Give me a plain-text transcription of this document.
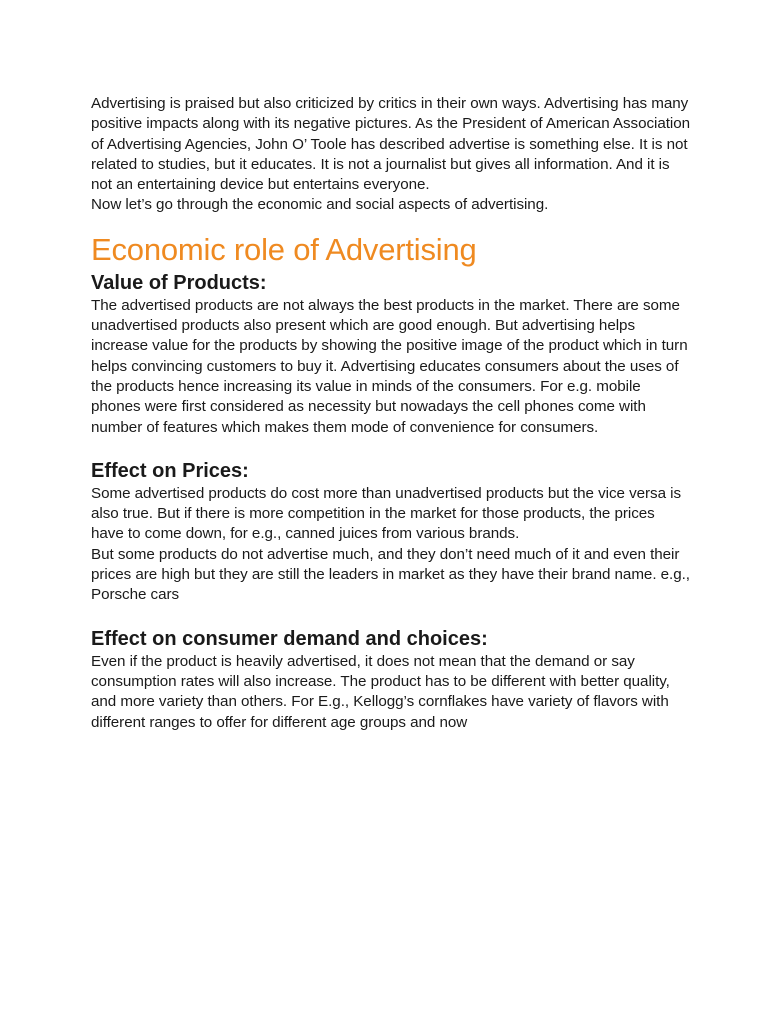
Advertising is praised but also criticized by critics in their own ways. Advertising has many positive impacts along with its negative pictures. As the President of American Association of Advertising Agencies, John O’ Toole has described advertise is something else. It is not related to studies, but it educates. It is not a journalist but gives all information. And it is not an entertaining device but entertains everyone.

Now let’s go through the economic and social aspects of advertising.

Economic role of Advertising
Value of Products:

The advertised products are not always the best products in the market. There are some unadvertised products also present which are good enough. But advertising helps increase value for the products by showing the positive image of the product which in turn helps convincing customers to buy it. Advertising educates consumers about the uses of the products hence increasing its value in minds of the consumers. For e.g. mobile phones were first considered as necessity but nowadays the cell phones come with number of features which makes them mode of convenience for consumers.

Effect on Prices:

Some advertised products do cost more than unadvertised products but the vice versa is also true. But if there is more competition in the market for those products, the prices have to come down, for e.g., canned juices from various brands.

But some products do not advertise much, and they don’t need much of it and even their prices are high but they are still the leaders in market as they have their brand name. e.g., Porsche cars

Effect on consumer demand and choices:

Even if the product is heavily advertised, it does not mean that the demand or say consumption rates will also increase. The product has to be different with better quality, and more variety than others. For E.g., Kellogg’s cornflakes have variety of flavors with different ranges to offer for different age groups and now
